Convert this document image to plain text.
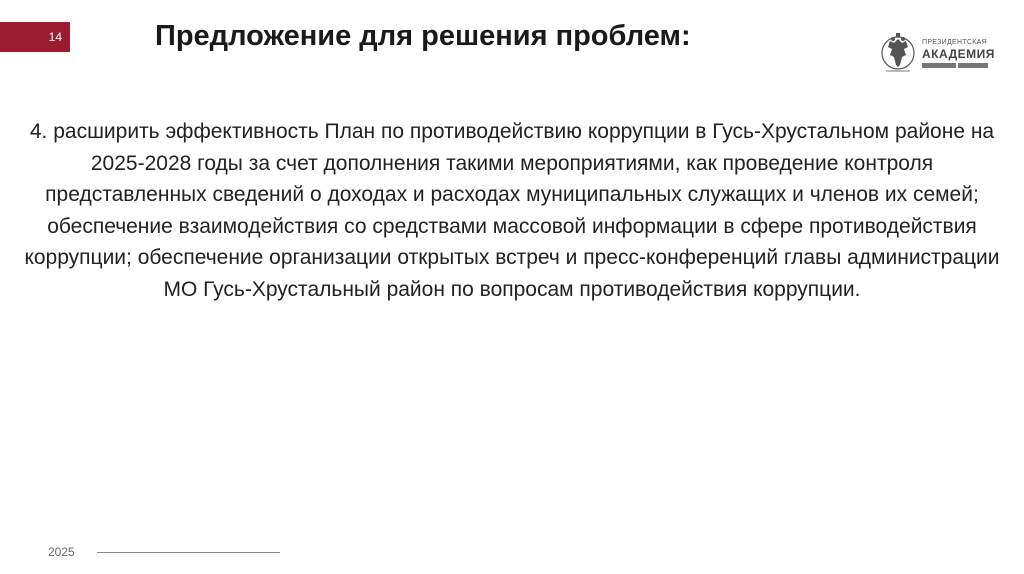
14	Предложение для решения проблем:	ПРЕЗИДЕНТСКАЯ
АКАДЕМИЯ

4. расширить эффективность План по противодействию коррупции в Гусь-Хрустальном районе на 2025-2028 годы за счет дополнения такими мероприятиями, как проведение контроля представленных сведений о доходах и расходах муниципальных служащих и членов их семей; обеспечение взаимодействия со средствами массовой информации в сфере противодействия коррупции; обеспечение организации открытых встреч и пресс-конференций главы администрации МО Гусь-Хрустальный район по вопросам противодействия коррупции.

2025
